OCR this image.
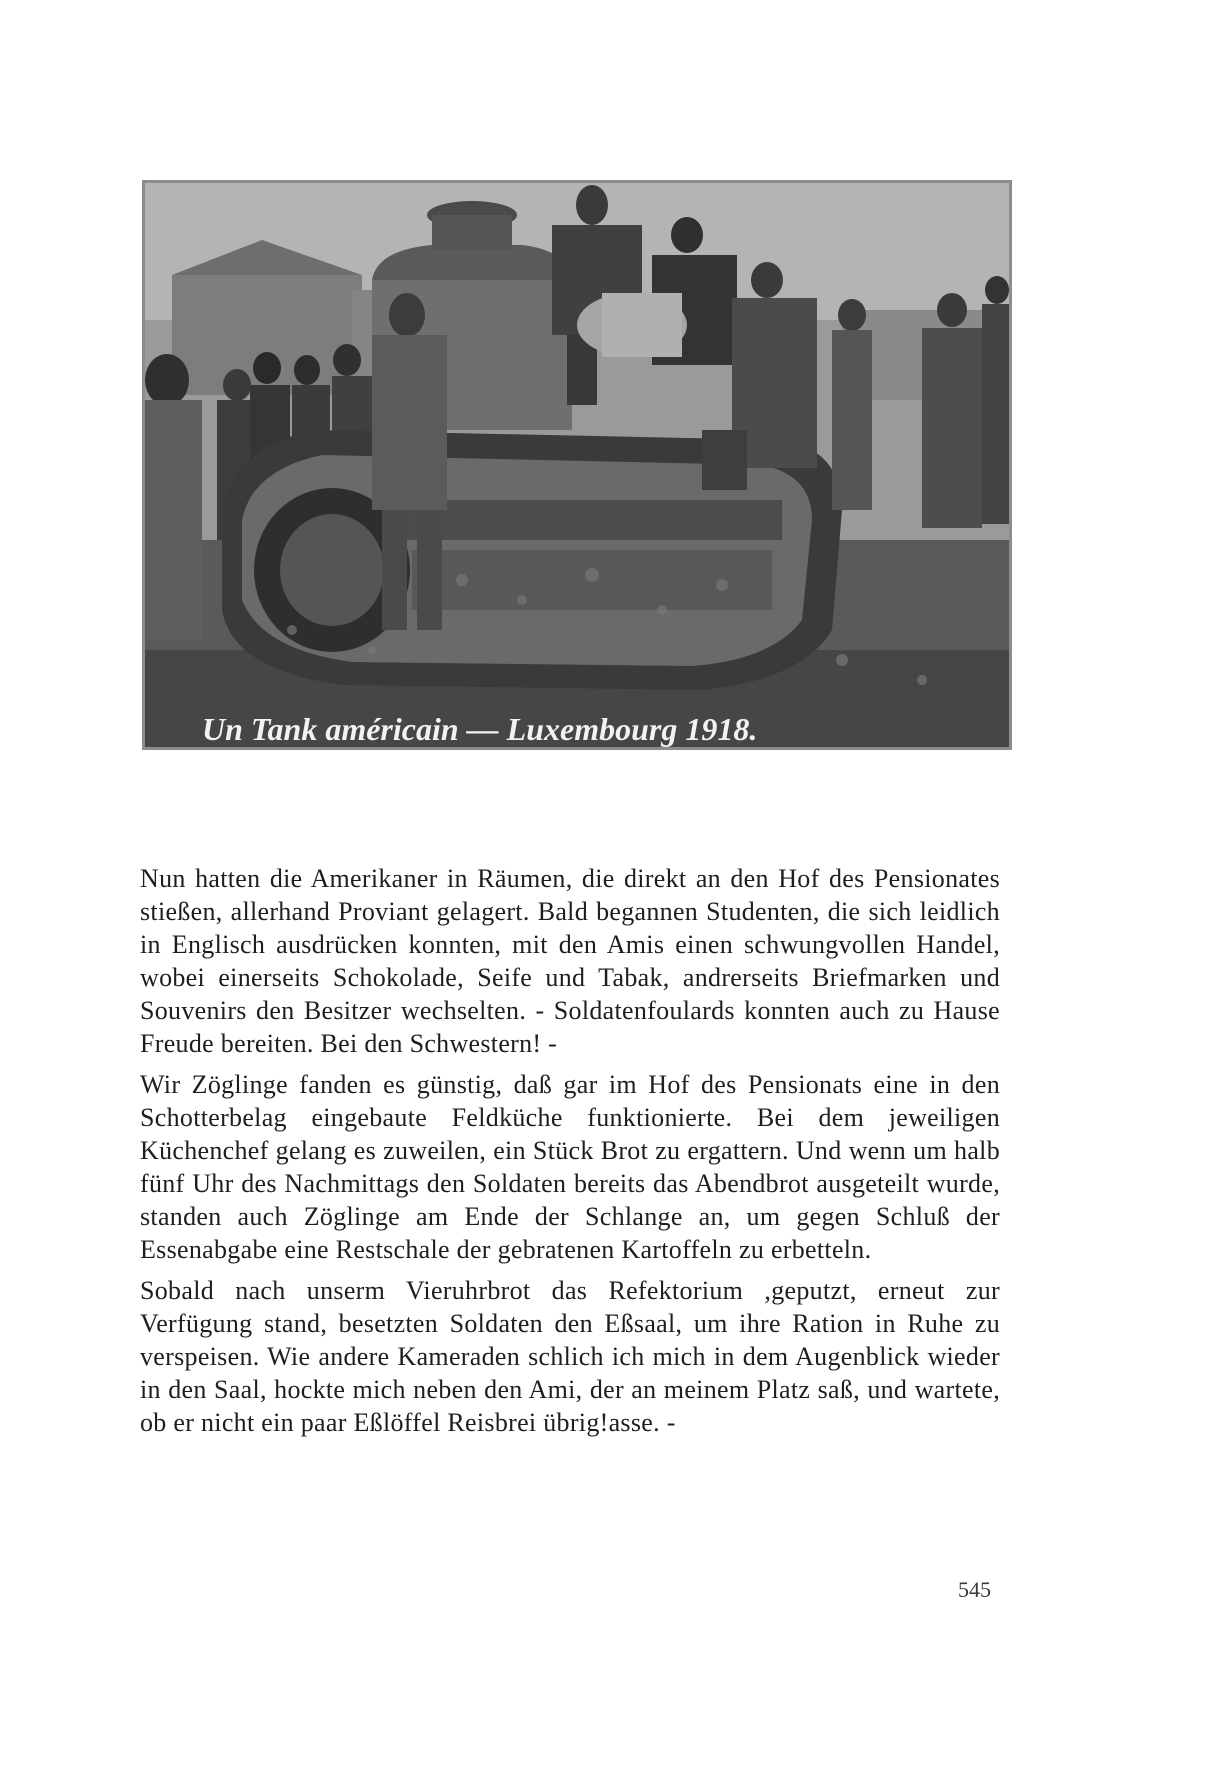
Un Tank américain — Luxembourg 1918.

Nun hatten die Amerikaner in Räumen, die direkt an den Hof des Pensionates stießen, allerhand Proviant gelagert. Bald begannen Studenten, die sich leidlich in Englisch ausdrücken konnten, mit den Amis einen schwungvollen Handel, wobei einerseits Schokolade, Seife und Tabak, andrerseits Briefmarken und Souvenirs den Besitzer wechselten. - Soldatenfoulards konnten auch zu Hause Freude bereiten. Bei den Schwestern! -

Wir Zöglinge fanden es günstig, daß gar im Hof des Pensionats eine in den Schotterbelag eingebaute Feldküche funktionierte. Bei dem jeweiligen Küchenchef gelang es zuweilen, ein Stück Brot zu ergattern. Und wenn um halb fünf Uhr des Nachmittags den Soldaten bereits das Abendbrot ausgeteilt wurde, standen auch Zöglinge am Ende der Schlange an, um gegen Schluß der Essenabgabe eine Restschale der gebratenen Kartoffeln zu erbetteln.

Sobald nach unserm Vieruhrbrot das Refektorium ,geputzt, erneut zur Verfügung stand, besetzten Soldaten den Eßsaal, um ihre Ration in Ruhe zu verspeisen. Wie andere Kameraden schlich ich mich in dem Augenblick wieder in den Saal, hockte mich neben den Ami, der an meinem Platz saß, und wartete, ob er nicht ein paar Eßlöffel Reisbrei übrig!asse. -

545
